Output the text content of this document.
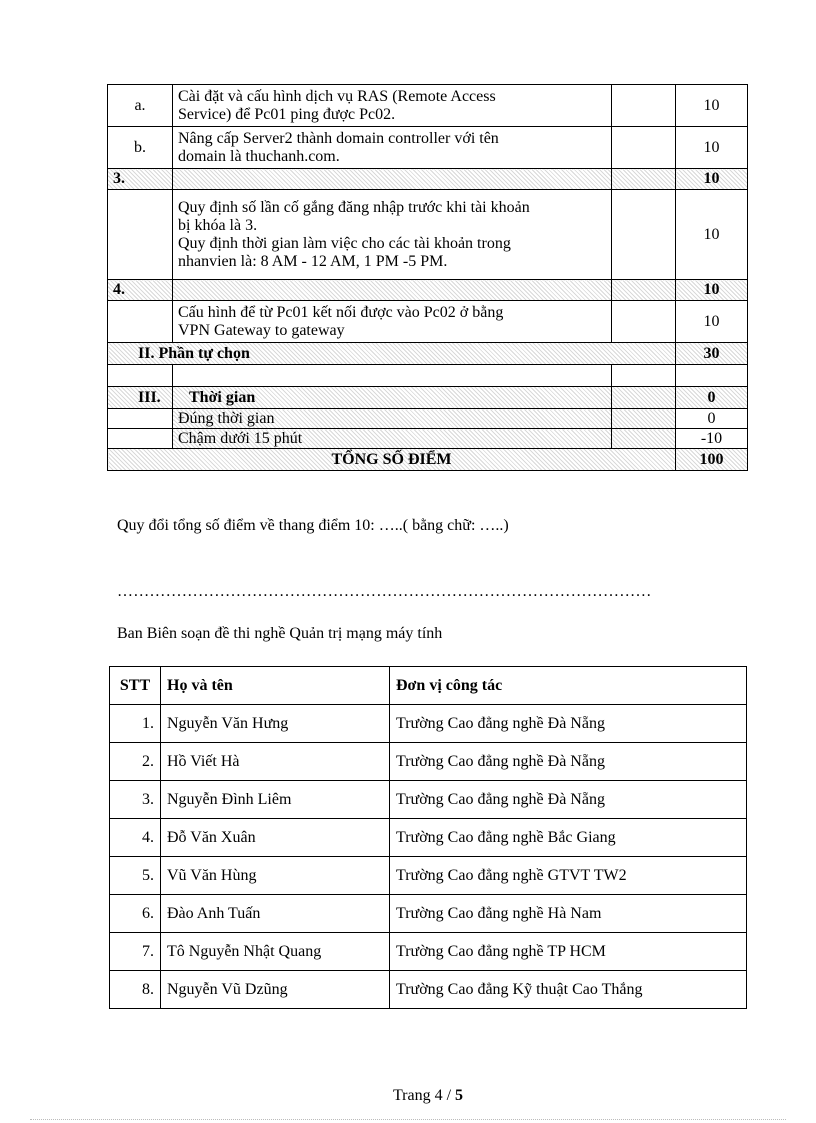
a.	Cài đặt và cấu hình dịch vụ RAS (Remote Access
Service) để Pc01 ping được Pc02.		10
b.	Nâng cấp Server2 thành domain controller với tên
domain là thuchanh.com.		10
3.			10

	Quy định số lần cố gắng đăng nhập trước khi tài khoản
bị khóa là 3.
Quy định thời gian làm việc cho các tài khoản trong
nhanvien là: 8 AM - 12 AM, 1 PM -5 PM.		10
4.			10

	Cấu hình để từ Pc01 kết nối được vào Pc02 ở bằng
VPN Gateway to gateway		10
II. Phần tự chọn			30

III.	Thời gian		0
	Đúng thời gian		0
	Chậm dưới 15 phút		-10
TỔNG SỐ ĐIỂM			100
Quy đổi tổng số điểm về thang điểm 10: …..( bằng chữ: …..)
………………………………………………………………………………………
Ban Biên soạn đề thi nghề Quản trị mạng máy tính
STT	Họ và tên	Đơn vị công tác
1.	Nguyễn Văn Hưng	Trường Cao đẳng nghề Đà Nẵng
2.	Hồ Viết Hà	Trường Cao đẳng nghề Đà Nẵng
3.	Nguyễn Đình Liêm	Trường Cao đẳng nghề Đà Nẵng
4.	Đỗ Văn Xuân	Trường Cao đẳng nghề Bắc Giang
5.	Vũ Văn Hùng	Trường Cao đẳng nghề GTVT TW2
6.	Đào Anh Tuấn	Trường Cao đẳng nghề Hà Nam
7.	Tô Nguyễn Nhật Quang	Trường Cao đẳng nghề TP HCM
8.	Nguyễn Vũ Dzũng	Trường Cao đẳng Kỹ thuật Cao Thắng
Trang 4 / 5
